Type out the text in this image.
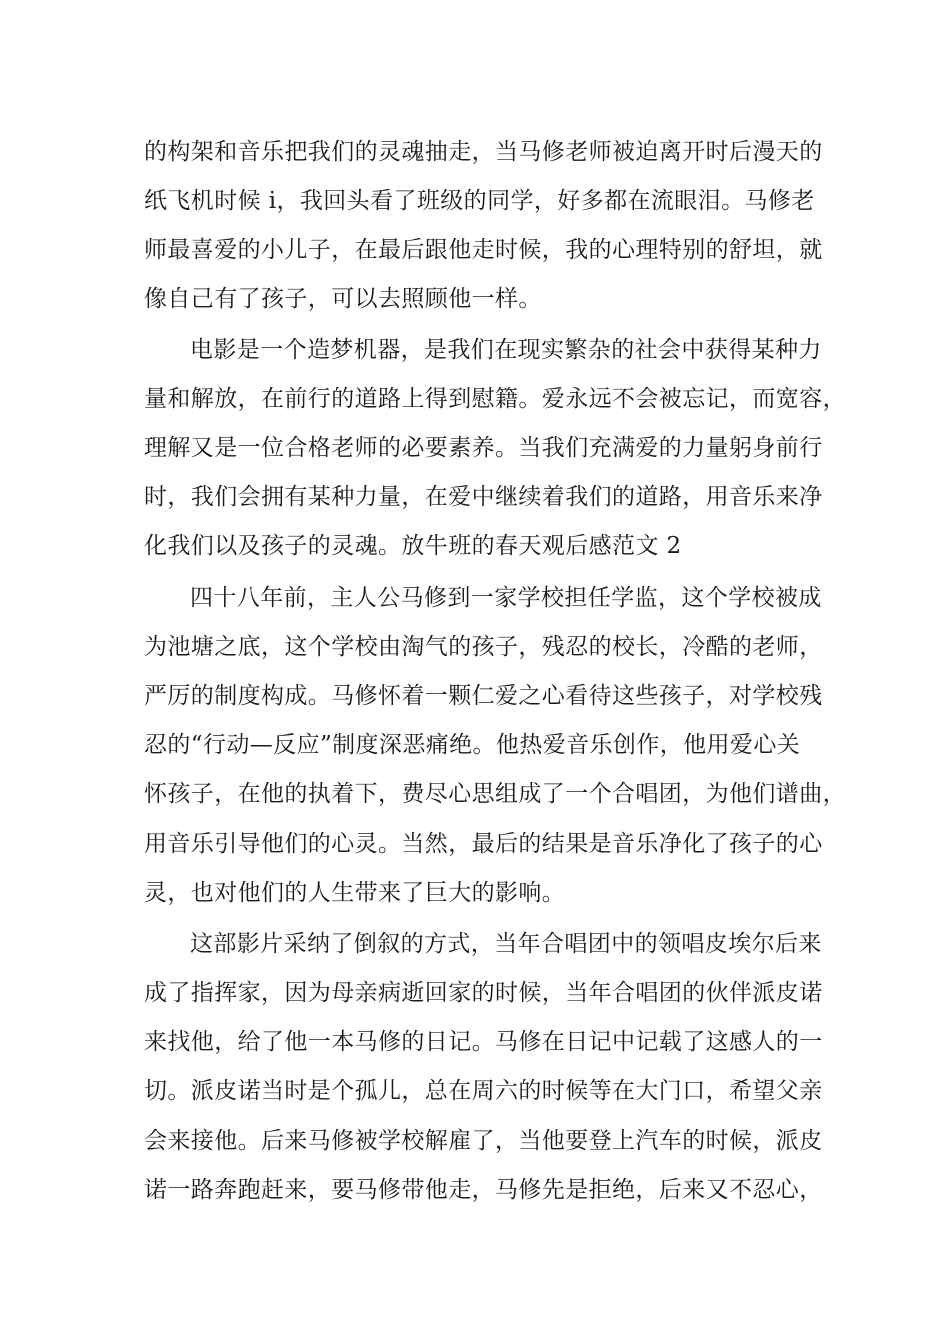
的构架和音乐把我们的灵魂抽走，当马修老师被迫离开时后漫天的
纸飞机时候 i，我回头看了班级的同学，好多都在流眼泪。马修老
师最喜爱的小儿子，在最后跟他走时候，我的心理特别的舒坦，就
像自己有了孩子，可以去照顾他一样。
电影是一个造梦机器，是我们在现实繁杂的社会中获得某种力
量和解放，在前行的道路上得到慰籍。爱永远不会被忘记，而宽容，
理解又是一位合格老师的必要素养。当我们充满爱的力量躬身前行
时，我们会拥有某种力量，在爱中继续着我们的道路，用音乐来净
化我们以及孩子的灵魂。放牛班的春天观后感范文 2
四十八年前，主人公马修到一家学校担任学监，这个学校被成
为池塘之底，这个学校由淘气的孩子，残忍的校长，冷酷的老师，
严厉的制度构成。马修怀着一颗仁爱之心看待这些孩子，对学校残
忍的“行动—反应”制度深恶痛绝。他热爱音乐创作，他用爱心关
怀孩子，在他的执着下，费尽心思组成了一个合唱团，为他们谱曲，
用音乐引导他们的心灵。当然，最后的结果是音乐净化了孩子的心
灵，也对他们的人生带来了巨大的影响。
这部影片采纳了倒叙的方式，当年合唱团中的领唱皮埃尔后来
成了指挥家，因为母亲病逝回家的时候，当年合唱团的伙伴派皮诺
来找他，给了他一本马修的日记。马修在日记中记载了这感人的一
切。派皮诺当时是个孤儿，总在周六的时候等在大门口，希望父亲
会来接他。后来马修被学校解雇了，当他要登上汽车的时候，派皮
诺一路奔跑赶来，要马修带他走，马修先是拒绝，后来又不忍心，
